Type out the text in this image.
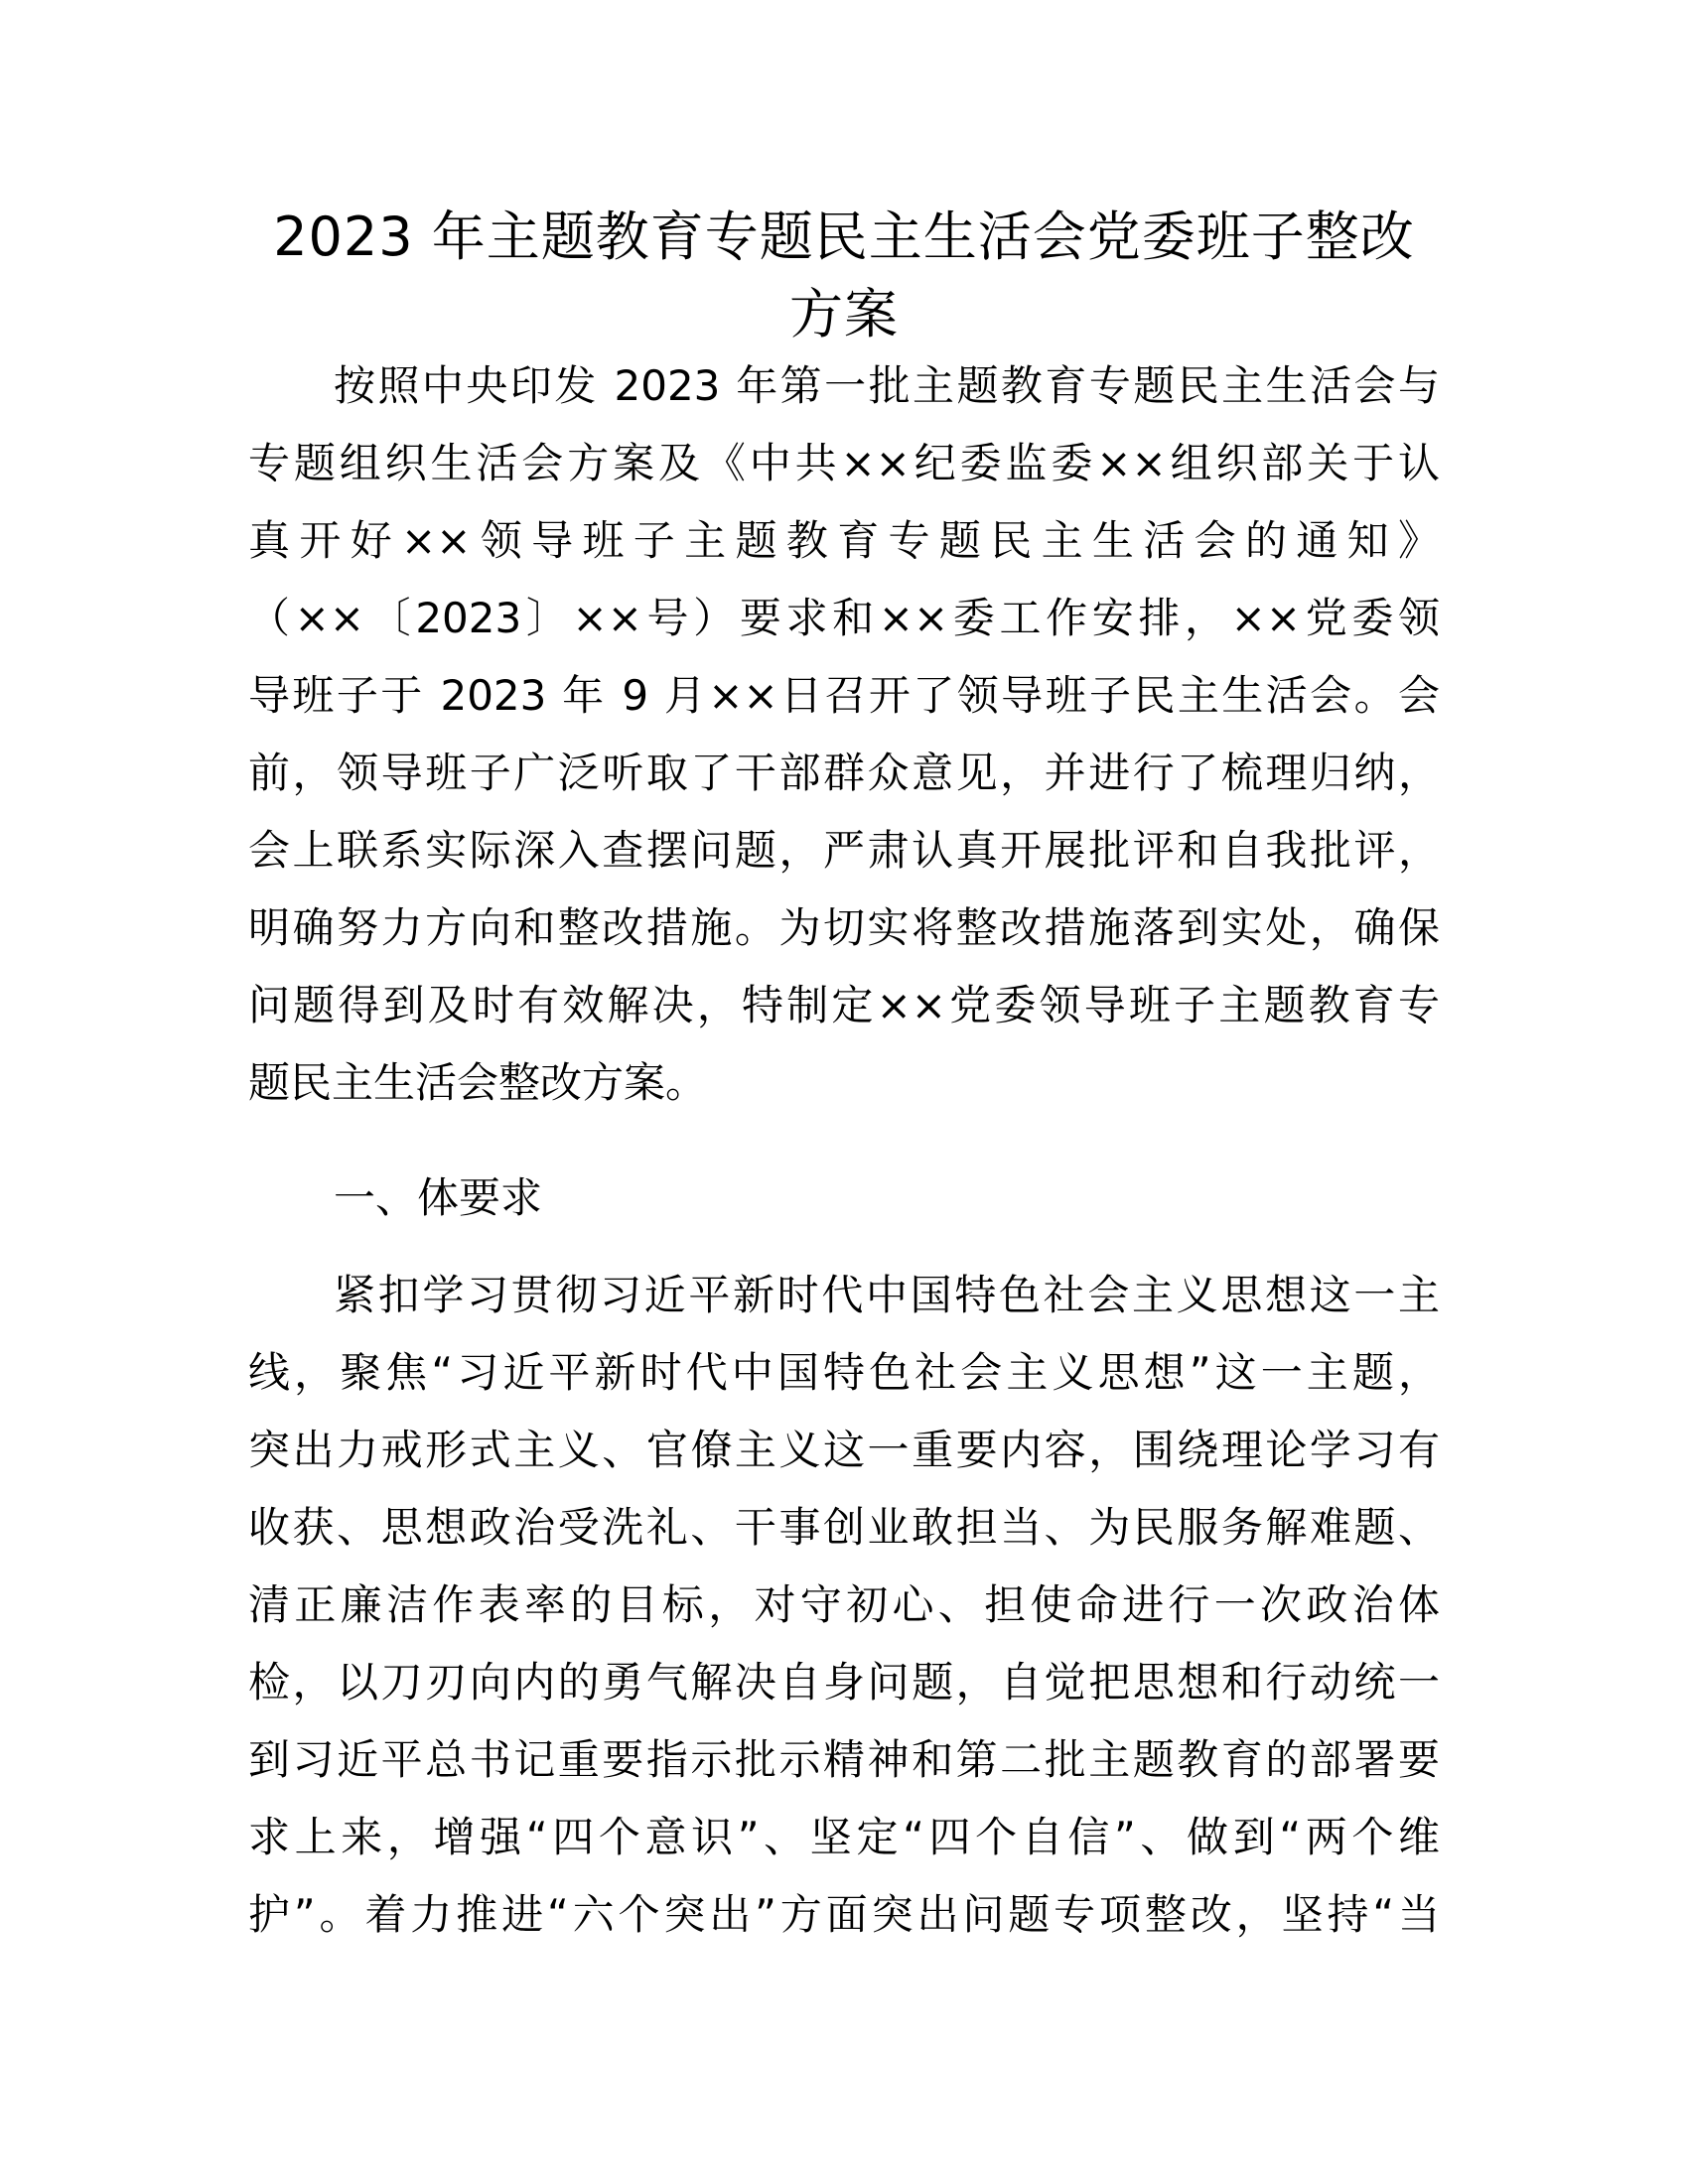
2023 年主题教育专题民主生活会党委班子整改
方案
按照中央印发 2023 年第一批主题教育专题民主生活会与
专题组织生活会方案及《中共××纪委监委××组织部关于认
真开好××领导班子主题教育专题民主生活会的通知》
（××〔2023〕××号）要求和××委工作安排，××党委领
导班子于 2023 年 9 月××日召开了领导班子民主生活会。会
前，领导班子广泛听取了干部群众意见，并进行了梳理归纳，
会上联系实际深入查摆问题，严肃认真开展批评和自我批评，
明确努力方向和整改措施。为切实将整改措施落到实处，确保
问题得到及时有效解决，特制定××党委领导班子主题教育专
题民主生活会整改方案。
一、体要求
紧扣学习贯彻习近平新时代中国特色社会主义思想这一主
线，聚焦“习近平新时代中国特色社会主义思想”这一主题，
突出力戒形式主义、官僚主义这一重要内容，围绕理论学习有
收获、思想政治受洗礼、干事创业敢担当、为民服务解难题、
清正廉洁作表率的目标，对守初心、担使命进行一次政治体
检，以刀刃向内的勇气解决自身问题，自觉把思想和行动统一
到习近平总书记重要指示批示精神和第二批主题教育的部署要
求上来，增强“四个意识”、坚定“四个自信”、做到“两个维
护”。着力推进“六个突出”方面突出问题专项整改，坚持“当
